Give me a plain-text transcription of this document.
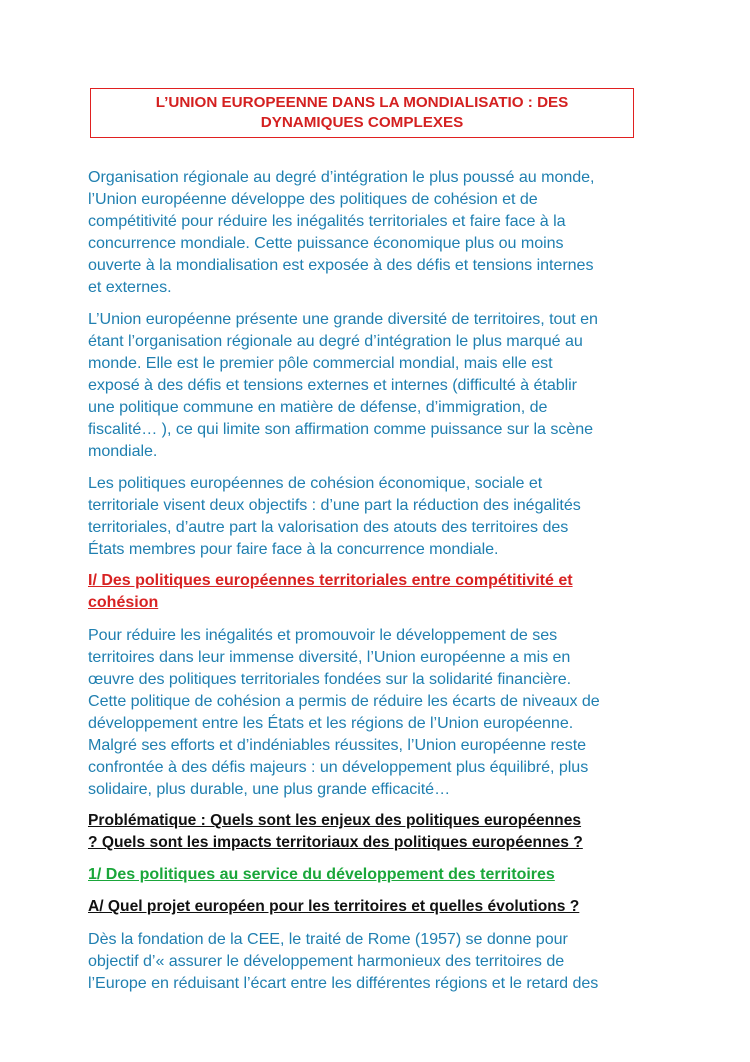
L’UNION EUROPEENNE DANS LA MONDIALISATIO : DES
DYNAMIQUES COMPLEXES
Organisation régionale au degré d’intégration le plus poussé au monde,
l’Union européenne développe des politiques de cohésion et de
compétitivité pour réduire les inégalités territoriales et faire face à la
concurrence mondiale. Cette puissance économique plus ou moins
ouverte à la mondialisation est exposée à des défis et tensions internes
et externes.
L’Union européenne présente une grande diversité de territoires, tout en
étant l’organisation régionale au degré d’intégration le plus marqué au
monde. Elle est le premier pôle commercial mondial, mais elle est
exposé à des défis et tensions externes et internes (difficulté à établir
une politique commune en matière de défense, d’immigration, de
fiscalité… ), ce qui limite son affirmation comme puissance sur la scène
mondiale.
Les politiques européennes de cohésion économique, sociale et
territoriale visent deux objectifs : d’une part la réduction des inégalités
territoriales, d’autre part la valorisation des atouts des territoires des
États membres pour faire face à la concurrence mondiale.
I/ Des politiques européennes territoriales entre compétitivité et
cohésion
Pour réduire les inégalités et promouvoir le développement de ses
territoires dans leur immense diversité, l’Union européenne a mis en
œuvre des politiques territoriales fondées sur la solidarité financière.
Cette politique de cohésion a permis de réduire les écarts de niveaux de
développement entre les États et les régions de l’Union européenne.
Malgré ses efforts et d’indéniables réussites, l’Union européenne reste
confrontée à des défis majeurs : un développement plus équilibré, plus
solidaire, plus durable, une plus grande efficacité…
Problématique : Quels sont les enjeux des politiques européennes
? Quels sont les impacts territoriaux des politiques européennes ?
1/ Des politiques au service du développement des territoires
A/ Quel projet européen pour les territoires et quelles évolutions ?
Dès la fondation de la CEE, le traité de Rome (1957) se donne pour
objectif d’« assurer le développement harmonieux des territoires de
l’Europe en réduisant l’écart entre les différentes régions et le retard des
